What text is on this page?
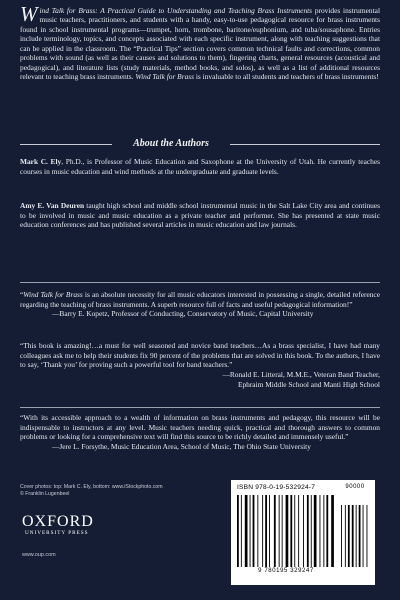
Wind Talk for Brass: A Practical Guide to Understanding and Teaching Brass Instruments provides instrumental music teachers, practitioners, and students with a handy, easy-to-use pedagogical resource for brass instruments found in school instrumental programs—trumpet, horn, trombone, baritone/euphonium, and tuba/sousaphone. Entries include terminology, topics, and concepts associated with each specific instrument, along with teaching suggestions that can be applied in the classroom. The “Practical Tips” section covers common technical faults and corrections, common problems with sound (as well as their causes and solutions to them), fingering charts, general resources (acoustical and pedagogical), and literature lists (study materials, method books, and solos), as well as a list of additional resources relevant to teaching brass instruments. Wind Talk for Brass is invaluable to all students and teachers of brass instruments!
About the Authors
Mark C. Ely, Ph.D., is Professor of Music Education and Saxophone at the University of Utah. He currently teaches courses in music education and wind methods at the undergraduate and graduate levels.
Amy E. Van Deuren taught high school and middle school instrumental music in the Salt Lake City area and continues to be involved in music and music education as a private teacher and performer. She has presented at state music education conferences and has published several articles in music education and law journals.
“Wind Talk for Brass is an absolute necessity for all music educators interested in possessing a single, detailed reference regarding the teaching of brass instruments. A superb resource full of facts and useful pedagogical information!”
—Barry E. Kopetz, Professor of Conducting, Conservatory of Music, Capital University
“This book is amazing!…a must for well seasoned and novice band teachers…As a brass specialist, I have had many colleagues ask me to help their students fix 90 percent of the problems that are solved in this book. To the authors, I have to say, ‘Thank you’ for proving such a powerful tool for band teachers.”
—Ronald E. Litteral, M.M.E., Veteran Band Teacher,
Ephraim Middle School and Manti High School
“With its accessible approach to a wealth of information on brass instruments and pedagogy, this resource will be indispensable to instructors at any level. Music teachers needing quick, practical and thorough answers to common problems or looking for a comprehensive text will find this source to be richly detailed and immensely useful.”
—Jere L. Forsythe, Music Education Area, School of Music, The Ohio State University
Cover photos: top: Mark C. Ely, bottom: www.iStockphoto.com
© Franklin Lugenbeel
OXFORD
UNIVERSITY PRESS
www.oup.com
ISBN 978-0-19-532924-7	90000
9 780195 329247
